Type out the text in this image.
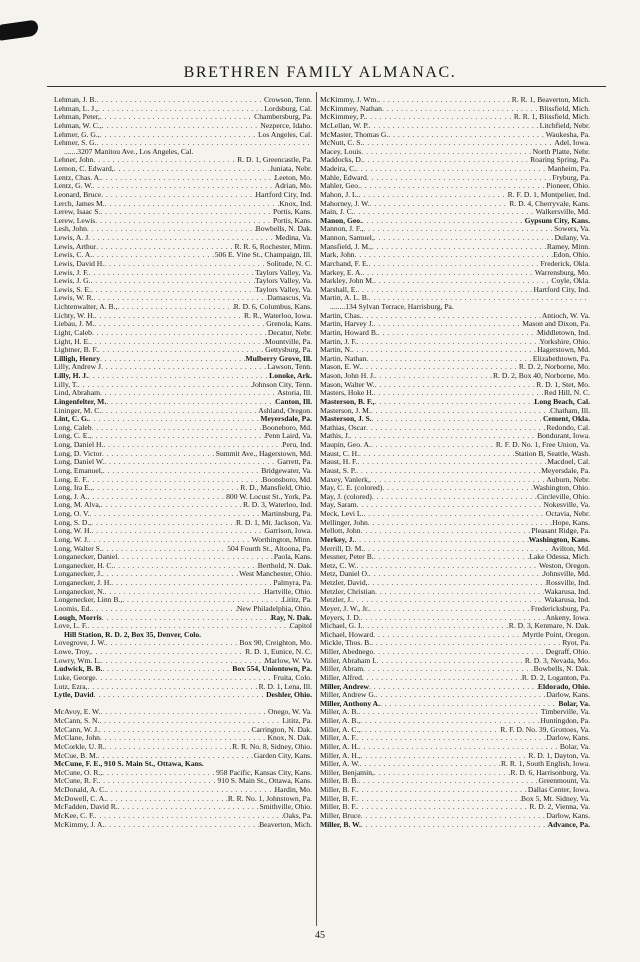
BRETHREN FAMILY ALMANAC.
Lehman, J. B. . . .	Crowson, Tenn.
Lehman, L. J., . . .	Lordsburg, Cal.
Lehman, Peter, . . .	Chambersburg, Pa.
Lehman, W. C., . . .	Nezperce, Idaho.
Lehmer, G. G., . . .	Los Angeles, Cal.
Lehmer, S. G.
. . .
.......3207 Manitou Ave., Los Angeles, Cal.
Lehner, John . . .	R. D. 1, Greencastle, Pa.
Lemon, C. Edward, . . .	Juniata, Nebr.
Lentz, Chas. A. . . .	Leeton, Mo.
Lentz, G. W. . . .	Adrian, Mo.
Leonard, Bruce . . .	Hartford City, Ind.
Lerch, James M. . . .	Knox, Ind.
Lerew, Isaac S. . . .	Portis, Kans.
Lerew, Lewis . . .	Portis, Kans.
Lesh, John . . .	Bowbells, N. Dak.
Lewis, A. J . . .	Medina, Va.
Lewis, Arthur . . .	R. R. 6, Rochester, Minn.
Lewis, C. A. . . .	506 E. Vine St., Champaign, Ill.
Lewis, David H. . . .	Solitude, N. C.
Lewis, J. F. . . .	Taylors Valley, Va.
Lewis, J. G. . . .	Taylors Valley, Va.
Lewis, S. E. . . .	Taylors Valley, Va.
Lewis, W. R. . . .	Damascus, Va.
Lichtenwalter, A. B., . . .	R. D. 6, Columbus, Kans.
Lichty, W. H. . . .	R. R., Waterloo, Iowa.
Liebau, J. M. . . .	Grenola, Kans.
Light, Caleb . . .	Decatur, Nebr.
Light, H. E. . . .	Mountville, Pa.
Lightner, B. F. . . .	Gettysburg, Pa.
Lilligh, Henry . . .	Mulberry Grove, Ill.
Lilly, Andrew J . . .	Lawson, Tenn.
Lilly, H. J. . . .	Lonoke, Ark.
Lilly, T. . . .	Johnson City, Tenn.
Lind, Abraham . . .	Astoria, Ill.
Lingenfelter, M. . . .	Canton, Ill.
Lininger, M. C. . . .	Ashland, Oregon.
Lint, C. G. . . .	Meyersdale, Pa.
Long, Caleb . . .	Booneboro, Md.
Long, C. E., . . .	Penn Laird, Va.
Long, Daniel H. . . .	Peru, Ind.
Long, D. Victor . . .	Summit Ave., Hagerstown, Md.
Long, Daniel W. . . .	Garrett, Pa.
Long, Emanuel, . . .	Bridgewater, Va.
Long, E. F. . . .	Boonsboro, Md.
Long, Ira E., . . .	R. D., Mansfield, Ohio.
Long, J. A. . . .	800 W. Locust St., York, Pa.
Long, M. Alva, . . .	R. D. 3, Waterloo, Ind.
Long, O. V. . . .	Martinsburg, Pa.
Long, S. D., . . .	R. D. 1, Mt. Jackson, Va.
Long, W. H. . . .	Garrison, Iowa.
Long, W. J. . . .	Worthington, Minn.
Long, Walter S. . . .	504 Fourth St., Altoona, Pa.
Longanecker, Daniel . . .	Paola, Kans.
Longanecker, H. C. . . .	Berthold, N. Dak.
Longanecker, J. . . .	West Manchester, Ohio.
Longanecker, J. H. . . .	Palmyra, Pa.
Longanecker, N. . . .	Hartville, Ohio.
Longenecker, Linn B., . . .	Lititz, Pa.
Loomis, Ed. . . .	New Philadelphia, Ohio.
Lough, Morris . . .	Ray, N. Dak.
Love, L. F. . . .	Capitol
Hill Station, R. D. 2, Box 35, Denver, Colo.
Lovegrove, J. W. . . .	Box 90, Creighton, Mo.
Lowe, Troy, . . .	R. D. 1, Eunice, N. C.
Lowry, Wm. L. . . .	Marlow, W. Va.
Ludwick, B. B. . . .	Box 554, Uniontown, Pa.
Luke, George . . .	Fruita, Colo.
Lutz, Ezra, . . .	R. D. 1, Lena, Ill.
Lytle, David . . .	Deshler, Ohio.
McAvoy, E. W. . . .	Onego, W. Va.
McCann, S. N. . . .	Lititz, Pa.
McCann, W. J. . . .	Carrington, N. Dak.
McClane, John . . .	Knox, N. Dak.
McCorkle, U. R. . . .	R. R. No. 8, Sidney, Ohio.
McCue, B. M. . . .	Garden City, Kans.
McCune, F. E., 910 S. Main St., Ottawa, Kans.
McCune, O. R., . . .	958 Pacific, Kansas City, Kans.
McCune, R. F. . . .	910 S. Main St., Ottawa, Kans.
McDonald, A. C. . . .	Hardin, Mo.
McDowell, C. A. . . .	R. R. No. 1, Johnstown, Pa.
McFadden, David R. . . .	Smithville, Ohio.
McKee, C. F. . . .	Oaks, Pa.
McKimmy, J. A. . . .	Beaverton, Mich.
McKimmy, J. Wm. . . .	R. R. 1, Beaverton, Mich.
McKimmey, Nathan . . .	Blissfield, Mich.
McKimmey, P. . . .	R. R. 1, Blissfield, Mich.
McLellan, W. P. . . .	Litchfield, Nebr.
McMaster, Thomas G. . . .	Waukesha, Pa.
McNutt, C. S. . . .	Adel, Iowa.
Macey, Louis . . .	North Platte, Nebr.
Maddocks, D. . . .	Roaring Spring, Pa.
Madeira, C. . . .	Manheim, Pa.
Mahle, Edward . . .	Fryburg, Pa.
Mahler, Geo. . . .	Pioneer, Ohio.
Mahon, J. L. . . .	R. F. D. 1, Montpelier, Ind.
Mahorney, J. W. . . .	R. D. 4, Cherryvale, Kans.
Main, J. C. . . .	Walkersville, Md.
Manon, Geo. . . .	Gypsum City, Kans.
Mannon, J. F., . . .	Sowers, Va.
Mannon, Samuel, . . .	Dulany, Va.
Mansfield, J. M., . . .	Ramey, Minn.
Mark, John . . .	Edon, Ohio.
Marchand, F. E. . . .	Frederick, Okla.
Markey, E. A. . . .	Warrensburg, Mo.
Markley, John M. . . .	Coyle, Okla.
Marshall, E. . . .	Hartford City, Ind.
Martin, A. L. B.
. . .
........134 Sylvan Terrace, Harrisburg, Pa.
Martin, Chas. . . .	Antioch, W. Va.
Martin, Harvey J. . . .	Mason and Dixon, Pa.
Martin, Howard B. . . .	Middletown, Ind.
Martin, J. F. . . .	Yorkshire, Ohio.
Martin, N. . . .	Hagerstown, Md.
Martin, Nathan . . .	Elizabethtown, Pa.
Mason, E. W. . . .	R. D. 2, Norborne, Mo.
Mason, John H. J. . . .	R. D. 2, Box 40, Norborne, Mo.
Mason, Walter W. . . .	R. D. 1, Stet, Mo.
Masters, Hoke H. . . .	Red Hill, N. C.
Masterson, B. F., . . .	Long Beach, Cal.
Masterson, J. M. . . .	Chatham, Ill.
Masterson, J. S. . . .	Cement, Okla.
Mathias, Oscar . . .	Redondo, Cal.
Mathis, J. . . .	Bondurant, Iowa.
Maupin, Geo. A. . . .	R. F. D. No. 1, Free Union, Va.
Maust, C. H. . . .	Station B, Seattle, Wash.
Maust, H. F. . . .	Macdoel, Cal.
Maust, S. P. . . .	Meyersdale, Pa.
Maxey, Vanlerk, . . .	Auburn, Nebr.
May, C. E. (colored) . . .	Washington, Ohio.
May, J. (colored) . . .	Circleville, Ohio.
May, Saram . . .	Nokesville, Va.
Meck, Levi L. . . .	Octavia, Nebr.
Mellinger, John . . .	Hope, Kans.
Mellott, John . . .	Pleasant Ridge, Pa.
Merkey, J. . . .	Washington, Kans.
Merrill, D. M. . . .	Avilton, Md.
Messner, Peter B. . . .	Lake Odessa, Mich.
Metz, C. W. . . .	Weston, Oregon.
Metz, Daniel O. . . .	Johnsville, Md.
Metzler, David, . . .	Rossville, Ind.
Metzler, Christian . . .	Wakarusa, Ind.
Metzler, J. . . .	Wakarusa, Ind.
Meyer, J. W., Jr. . . .	Fredericksburg, Pa.
Meyers, J. D. . . .	Ankeny, Iowa.
Michael, G. I. . . .	R. D. 3, Kenmare, N. Dak.
Michael, Howard . . .	Myrtle Point, Oregon.
Mickle, Thos. B. . . .	Ryot, Pa.
Miller, Abednego . . .	Degraff, Ohio.
Miller, Abraham I. . . .	R. D. 3, Nevada, Mo.
Miller, Abram . . .	Bowbells, N. Dak.
Miller, Alfred . . .	R. D. 2, Loganton, Pa.
Miller, Andrew . . .	Eldorado, Ohio.
Miller, Andrew G. . . .	Darlow, Kans.
Miller, Anthony A. . . .	Bolar, Va.
Miller, A. B. . . .	Timberville, Va.
Miller, A. B., . . .	Huntingdon, Pa.
Miller, A. C., . . .	R. F. D. No. 39, Grottoes, Va.
Miller, A. F. . . .	Darlow, Kans.
Miller, A. H. . . .	Bolar, Va.
Miller, A. H., . . .	R. D. 1, Dayton, Va.
Miller, A. W. . . .	R. R. 1, South English, Iowa.
Miller, Benjamin, . . .	R. D. 6, Harrisonburg, Va.
Miller, B. B. . . .	Greenmount, Va.
Miller, B. F. . . .	Dallas Center, Iowa.
Miller, B. F. . . .	Box 5, Mt. Sidney, Va.
Miller, B. F. . . .	R. D. 2, Vienna, Va.
Miller, Bruce . . .	Darlow, Kans.
Miller, B. W. . . .	Advance, Pa.
45
